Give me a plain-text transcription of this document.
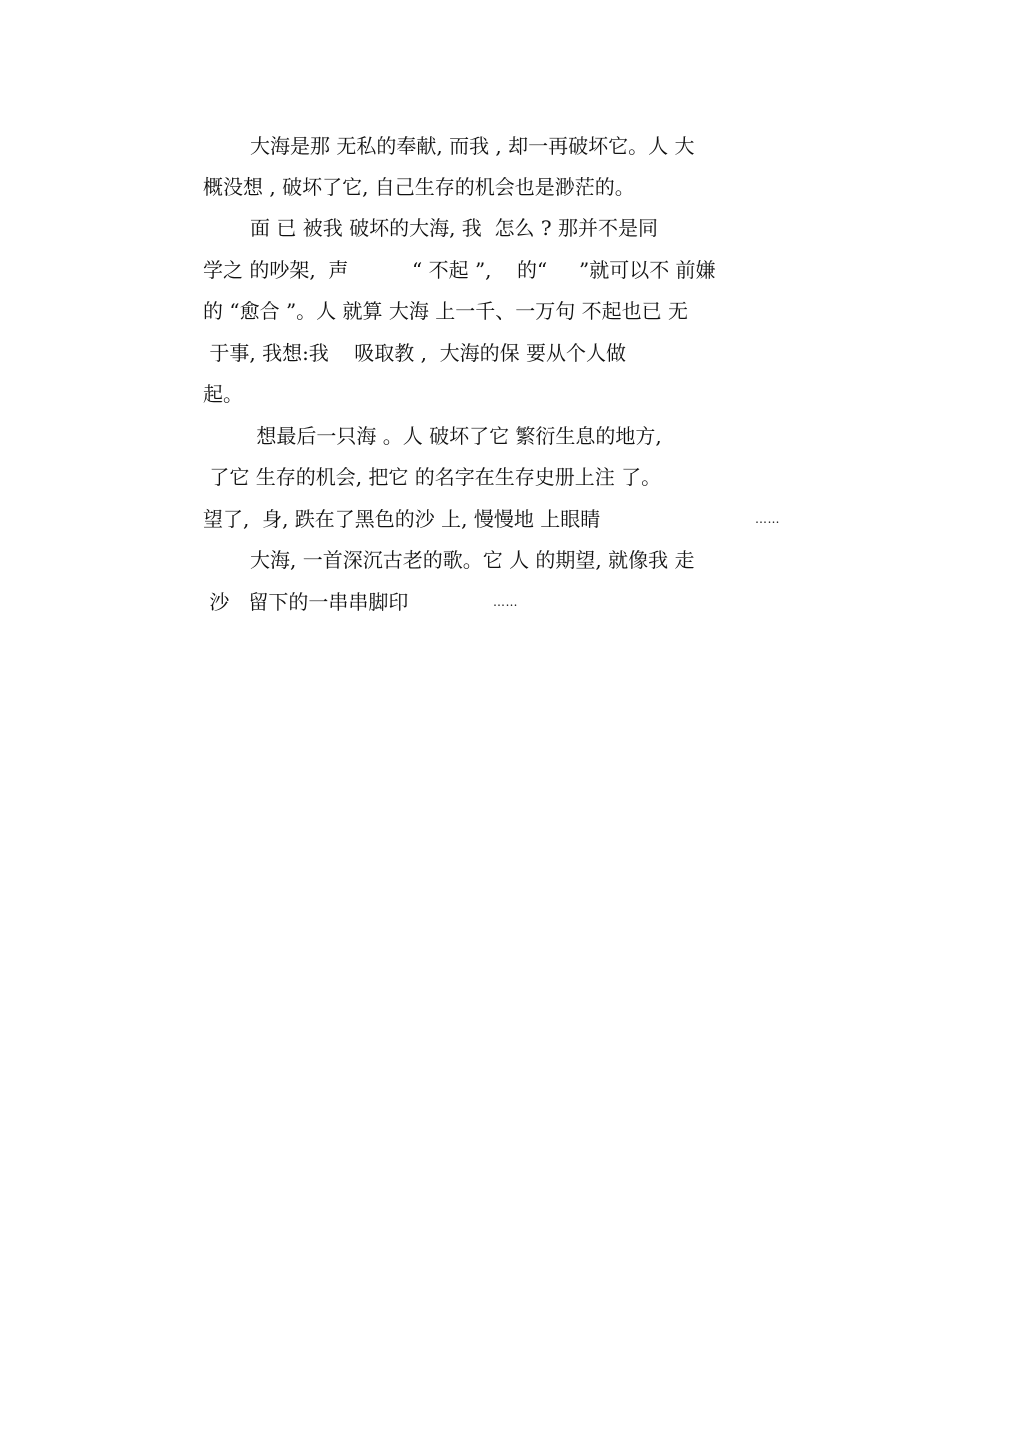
大海是那 无私的奉献, 而我 , 却一再破坏它。人 大
概没想 , 破坏了它, 自己生存的机会也是渺茫的。
面 已 被我 破坏的大海, 我  怎么 ? 那并不是同
学之 的吵架,  声          “ 不起 ”,    的“     ”就可以不 前嫌
的 “愈合 ”。人 就算 大海 上一千、一万句 不起也已 无
于事, 我想:我    吸取教 ,  大海的保 要从个人做
起。
想最后一只海 。人 破坏了它 繁衍生息的地方,
了它 生存的机会, 把它 的名字在生存史册上注 了。
望了,  身, 跌在了黑色的沙 上, 慢慢地 上眼睛	……
大海, 一首深沉古老的歌。它 人 的期望, 就像我 走
沙   留下的一串串脚印	……
